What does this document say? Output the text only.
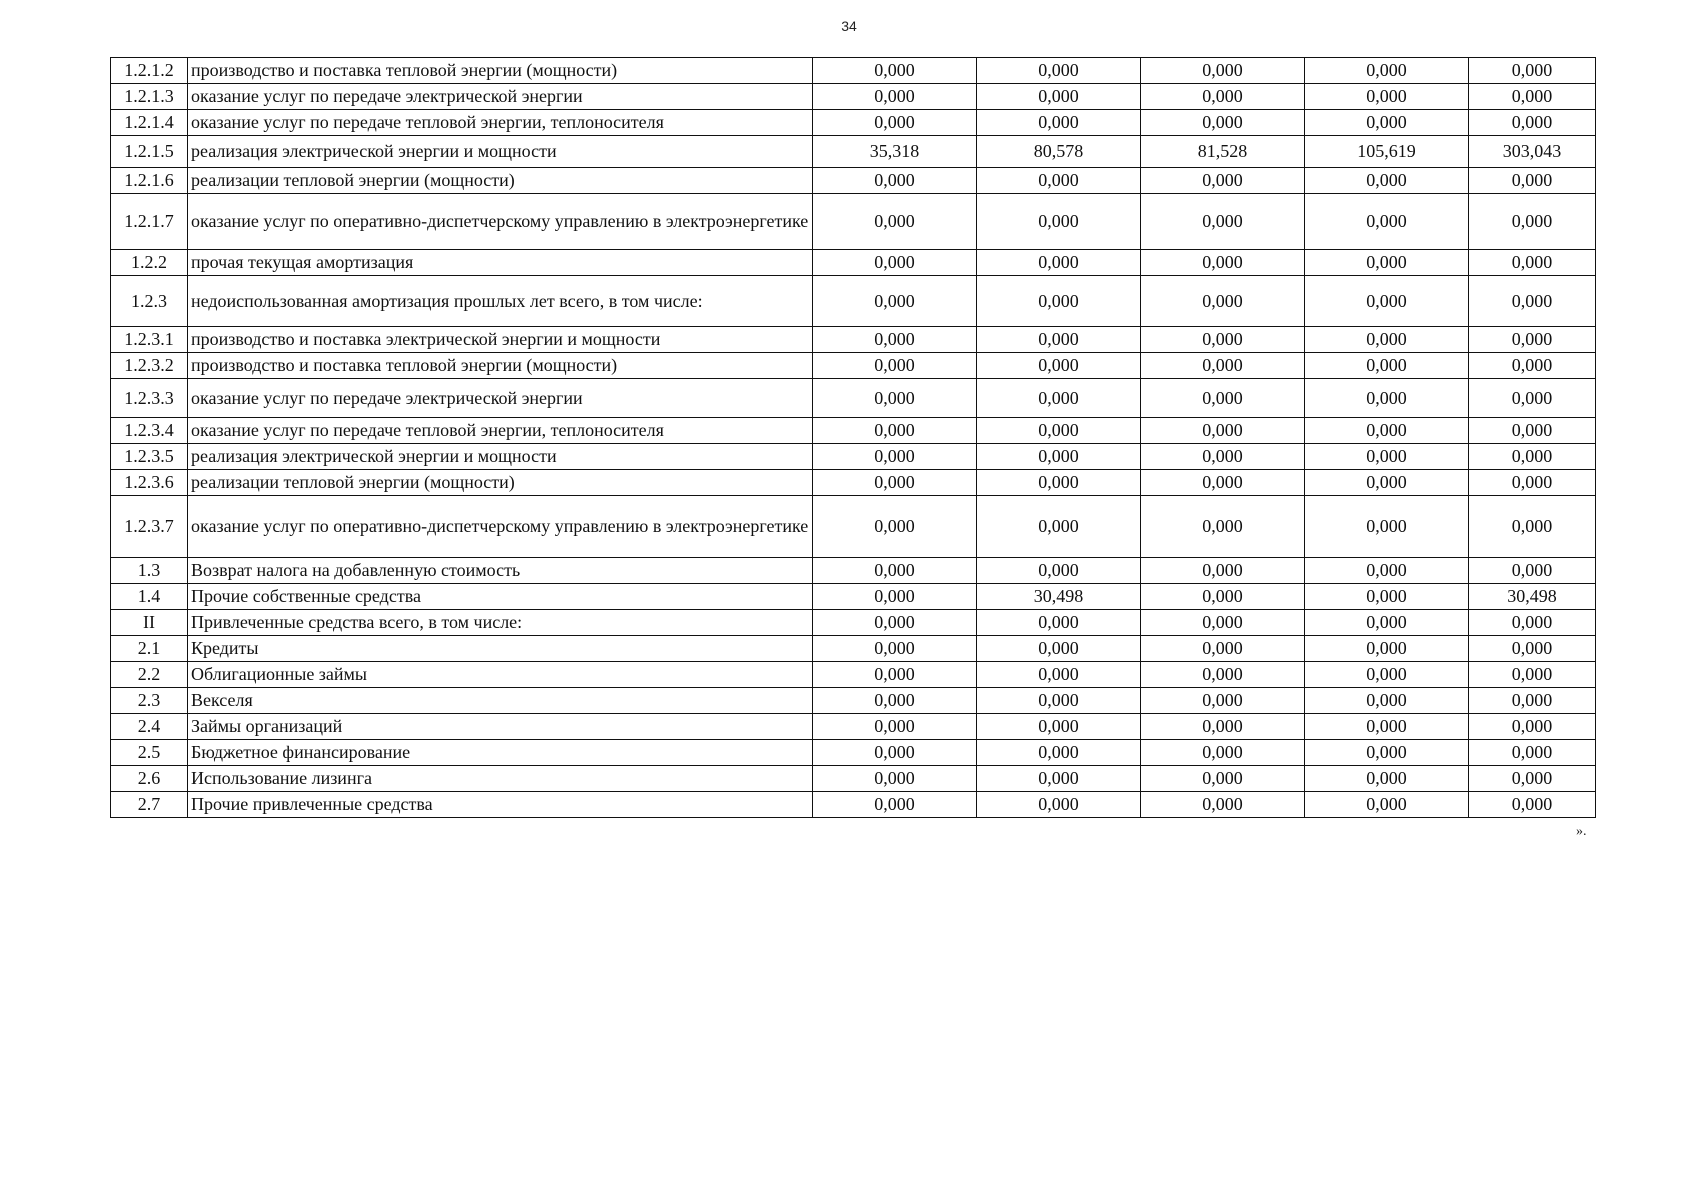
34
1.2.1.2	производство и поставка тепловой энергии (мощности)	0,000	0,000	0,000	0,000	0,000
1.2.1.3	оказание услуг по передаче электрической энергии	0,000	0,000	0,000	0,000	0,000
1.2.1.4	оказание услуг по передаче тепловой энергии, теплоносителя	0,000	0,000	0,000	0,000	0,000
1.2.1.5	реализация электрической энергии и мощности	35,318	80,578	81,528	105,619	303,043
1.2.1.6	реализации тепловой энергии (мощности)	0,000	0,000	0,000	0,000	0,000
1.2.1.7	оказание услуг по оперативно-диспетчерскому управлению в электроэнергетике	0,000	0,000	0,000	0,000	0,000
1.2.2	прочая текущая амортизация	0,000	0,000	0,000	0,000	0,000
1.2.3	недоиспользованная амортизация прошлых лет всего, в том числе:	0,000	0,000	0,000	0,000	0,000
1.2.3.1	производство и поставка электрической энергии и мощности	0,000	0,000	0,000	0,000	0,000
1.2.3.2	производство и поставка тепловой энергии (мощности)	0,000	0,000	0,000	0,000	0,000
1.2.3.3	оказание услуг по передаче электрической энергии	0,000	0,000	0,000	0,000	0,000
1.2.3.4	оказание услуг по передаче тепловой энергии, теплоносителя	0,000	0,000	0,000	0,000	0,000
1.2.3.5	реализация электрической энергии и мощности	0,000	0,000	0,000	0,000	0,000
1.2.3.6	реализации тепловой энергии (мощности)	0,000	0,000	0,000	0,000	0,000
1.2.3.7	оказание услуг по оперативно-диспетчерскому управлению в электроэнергетике	0,000	0,000	0,000	0,000	0,000
1.3	Возврат налога на добавленную стоимость	0,000	0,000	0,000	0,000	0,000
1.4	Прочие собственные средства	0,000	30,498	0,000	0,000	30,498
II	Привлеченные средства всего, в том числе:	0,000	0,000	0,000	0,000	0,000
2.1	Кредиты	0,000	0,000	0,000	0,000	0,000
2.2	Облигационные займы	0,000	0,000	0,000	0,000	0,000
2.3	Векселя	0,000	0,000	0,000	0,000	0,000
2.4	Займы организаций	0,000	0,000	0,000	0,000	0,000
2.5	Бюджетное финансирование	0,000	0,000	0,000	0,000	0,000
2.6	Использование лизинга	0,000	0,000	0,000	0,000	0,000
2.7	Прочие привлеченные средства	0,000	0,000	0,000	0,000	0,000
».
